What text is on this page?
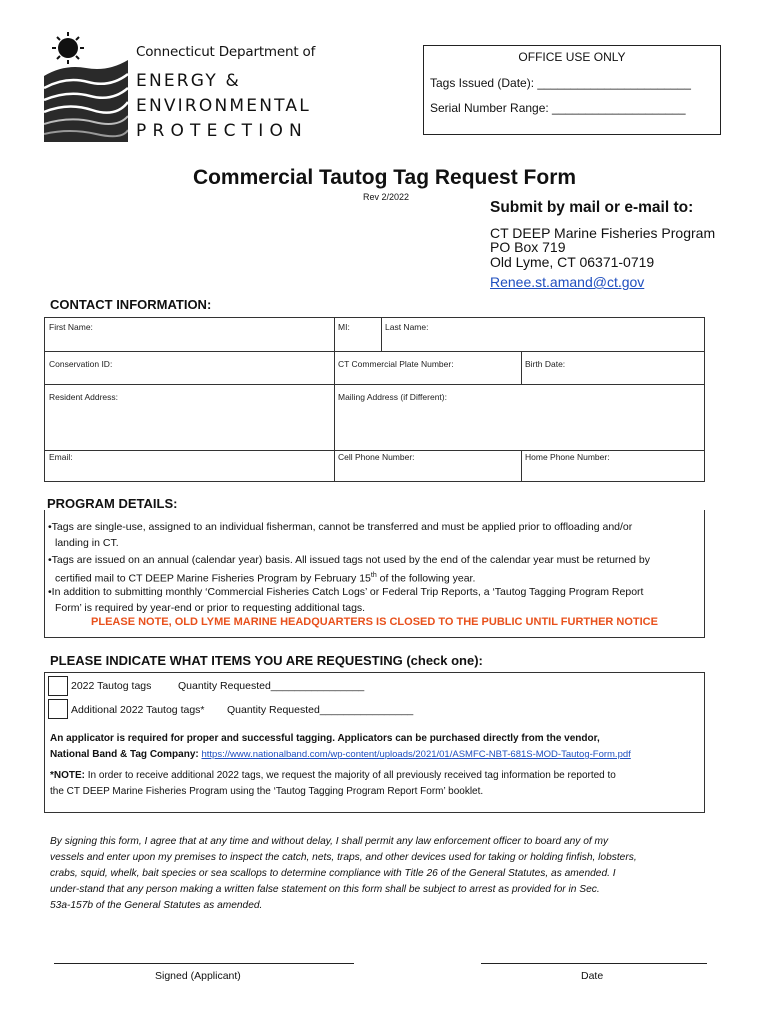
Connecticut Department of
ENERGY &
ENVIRONMENTAL
PROTECTION
OFFICE USE ONLY
Tags Issued (Date): _______________________
Serial Number Range: ____________________
Commercial Tautog Tag Request Form
Rev 2/2022
Submit by mail or e-mail to:
CT DEEP Marine Fisheries Program
PO Box 719
Old Lyme, CT 06371-0719
Renee.st.amand@ct.gov
CONTACT INFORMATION:
First Name:	MI:	Last Name:
Conservation ID:	CT Commercial Plate Number:	Birth Date:
Resident Address:	Mailing Address (if Different):
Email:	Cell Phone Number:	Home Phone Number:
PROGRAM DETAILS:
•Tags are single-use, assigned to an individual fisherman, cannot be transferred and must be applied prior to offloading and/or
landing in CT.
•Tags are issued on an annual (calendar year) basis. All issued tags not used by the end of the calendar year must be returned by
certified mail to CT DEEP Marine Fisheries Program by February 15th of the following year.
•In addition to submitting monthly ‘Commercial Fisheries Catch Logs’ or Federal Trip Reports, a ‘Tautog Tagging Program Report
Form’ is required by year-end or prior to requesting additional tags.
PLEASE NOTE, OLD LYME MARINE HEADQUARTERS IS CLOSED TO THE PUBLIC UNTIL FURTHER NOTICE
PLEASE INDICATE WHAT ITEMS YOU ARE REQUESTING (check one):
2022 Tautog tags	Quantity Requested________________
Additional 2022 Tautog tags* Quantity Requested________________
An applicator is required for proper and successful tagging. Applicators can be purchased directly from the vendor,
National Band & Tag Company: https://www.nationalband.com/wp-content/uploads/2021/01/ASMFC-NBT-681S-MOD-Tautog-Form.pdf
*NOTE: In order to receive additional 2022 tags, we request the majority of all previously received tag information be reported to
the CT DEEP Marine Fisheries Program using the ‘Tautog Tagging Program Report Form’ booklet.
By signing this form, I agree that at any time and without delay, I shall permit any law enforcement officer to board any of my
vessels and enter upon my premises to inspect the catch, nets, traps, and other devices used for taking or holding finfish, lobsters,
crabs, squid, whelk, bait species or sea scallops to determine compliance with Title 26 of the General Statutes, as amended. I
under-stand that any person making a written false statement on this form shall be subject to arrest as provided for in Sec.
53a-157b of the General Statutes as amended.
Signed (Applicant)	Date
